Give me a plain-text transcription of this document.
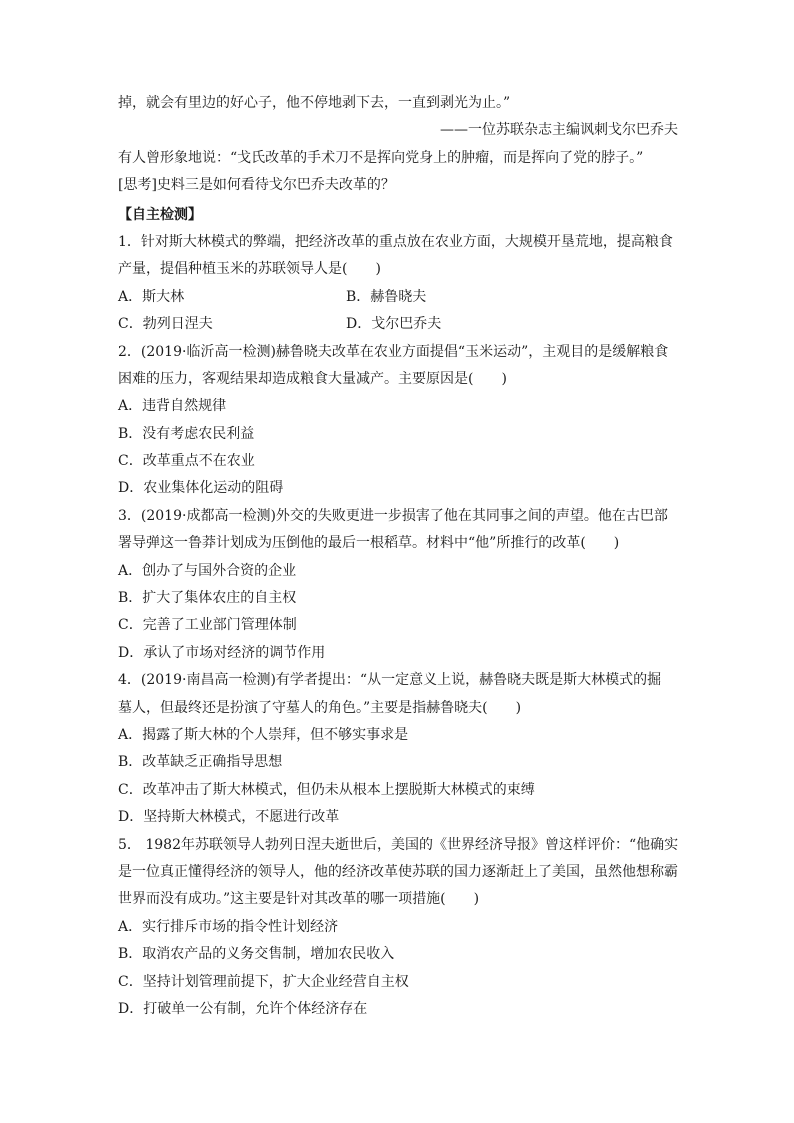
掉，就会有里边的好心子，他不停地剥下去，一直到剥光为止。”
——一位苏联杂志主编讽刺戈尔巴乔夫
有人曾形象地说：“戈氏改革的手术刀不是挥向党身上的肿瘤，而是挥向了党的脖子。”
[思考]史料三是如何看待戈尔巴乔夫改革的？
【自主检测】
1．针对斯大林模式的弊端，把经济改革的重点放在农业方面，大规模开垦荒地，提高粮食
产量，提倡种植玉米的苏联领导人是(　　)
A．斯大林	B．赫鲁晓夫
C．勃列日涅夫	D．戈尔巴乔夫
2．(2019·临沂高一检测)赫鲁晓夫改革在农业方面提倡“玉米运动”，主观目的是缓解粮食
困难的压力，客观结果却造成粮食大量减产。主要原因是(　　)
A．违背自然规律
B．没有考虑农民利益
C．改革重点不在农业
D．农业集体化运动的阻碍
3．(2019·成都高一检测)外交的失败更进一步损害了他在其同事之间的声望。他在古巴部
署导弹这一鲁莽计划成为压倒他的最后一根稻草。材料中“他”所推行的改革(　　)
A．创办了与国外合资的企业
B．扩大了集体农庄的自主权
C．完善了工业部门管理体制
D．承认了市场对经济的调节作用
4．(2019·南昌高一检测)有学者提出：“从一定意义上说，赫鲁晓夫既是斯大林模式的掘
墓人，但最终还是扮演了守墓人的角色。”主要是指赫鲁晓夫(　　)
A．揭露了斯大林的个人崇拜，但不够实事求是
B．改革缺乏正确指导思想
C．改革冲击了斯大林模式，但仍未从根本上摆脱斯大林模式的束缚
D．坚持斯大林模式，不愿进行改革
5． 1982年苏联领导人勃列日涅夫逝世后，美国的《世界经济导报》曾这样评价：“他确实
是一位真正懂得经济的领导人，他的经济改革使苏联的国力逐渐赶上了美国，虽然他想称霸
世界而没有成功。”这主要是针对其改革的哪一项措施(　　)
A．实行排斥市场的指令性计划经济
B．取消农产品的义务交售制，增加农民收入
C．坚持计划管理前提下，扩大企业经营自主权
D．打破单一公有制，允许个体经济存在
